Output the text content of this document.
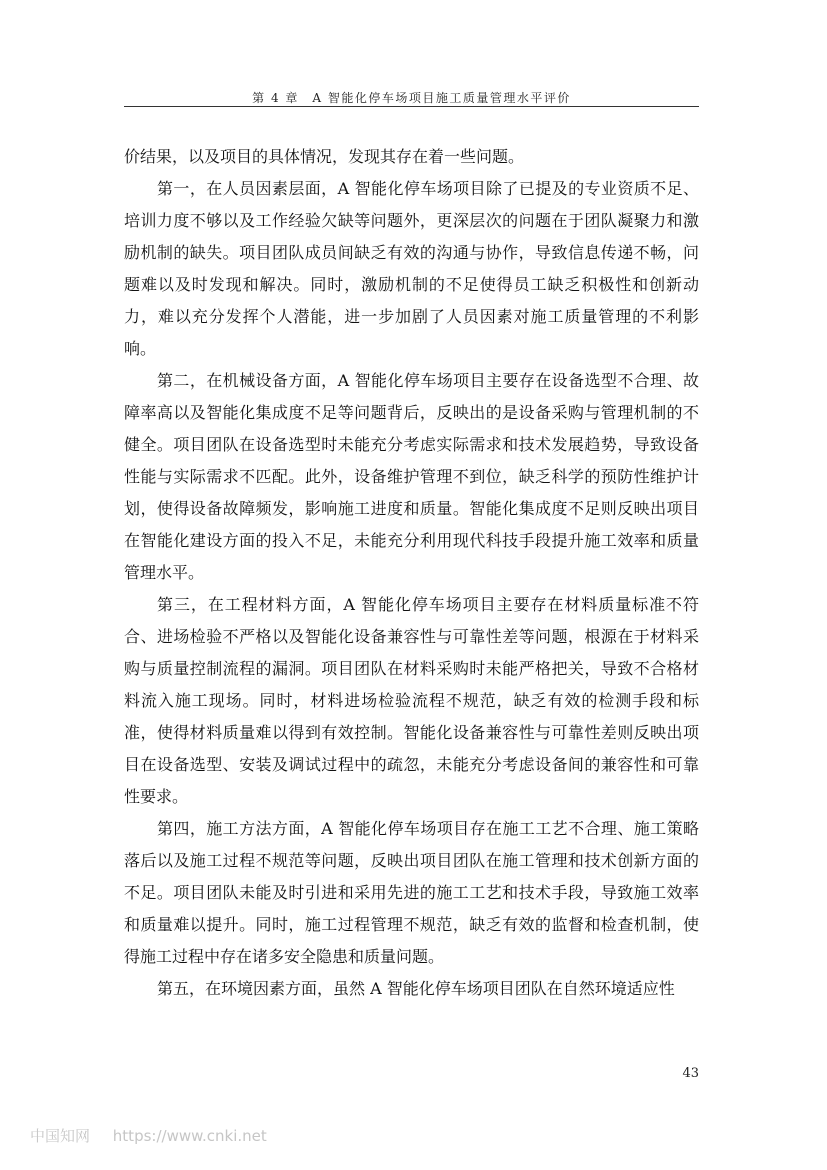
第 4 章　A 智能化停车场项目施工质量管理水平评价

价结果，以及项目的具体情况，发现其存在着一些问题。

第一，在人员因素层面，A 智能化停车场项目除了已提及的专业资质不足、培训力度不够以及工作经验欠缺等问题外，更深层次的问题在于团队凝聚力和激励机制的缺失。项目团队成员间缺乏有效的沟通与协作，导致信息传递不畅，问题难以及时发现和解决。同时，激励机制的不足使得员工缺乏积极性和创新动力，难以充分发挥个人潜能，进一步加剧了人员因素对施工质量管理的不利影响。

第二，在机械设备方面，A 智能化停车场项目主要存在设备选型不合理、故障率高以及智能化集成度不足等问题背后，反映出的是设备采购与管理机制的不健全。项目团队在设备选型时未能充分考虑实际需求和技术发展趋势，导致设备性能与实际需求不匹配。此外，设备维护管理不到位，缺乏科学的预防性维护计划，使得设备故障频发，影响施工进度和质量。智能化集成度不足则反映出项目在智能化建设方面的投入不足，未能充分利用现代科技手段提升施工效率和质量管理水平。

第三，在工程材料方面，A 智能化停车场项目主要存在材料质量标准不符合、进场检验不严格以及智能化设备兼容性与可靠性差等问题，根源在于材料采购与质量控制流程的漏洞。项目团队在材料采购时未能严格把关，导致不合格材料流入施工现场。同时，材料进场检验流程不规范，缺乏有效的检测手段和标准，使得材料质量难以得到有效控制。智能化设备兼容性与可靠性差则反映出项目在设备选型、安装及调试过程中的疏忽，未能充分考虑设备间的兼容性和可靠性要求。

第四，施工方法方面，A 智能化停车场项目存在施工工艺不合理、施工策略落后以及施工过程不规范等问题，反映出项目团队在施工管理和技术创新方面的不足。项目团队未能及时引进和采用先进的施工工艺和技术手段，导致施工效率和质量难以提升。同时，施工过程管理不规范，缺乏有效的监督和检查机制，使得施工过程中存在诸多安全隐患和质量问题。

第五，在环境因素方面，虽然 A 智能化停车场项目团队在自然环境适应性

43
中国知网 https://www.cnki.net
